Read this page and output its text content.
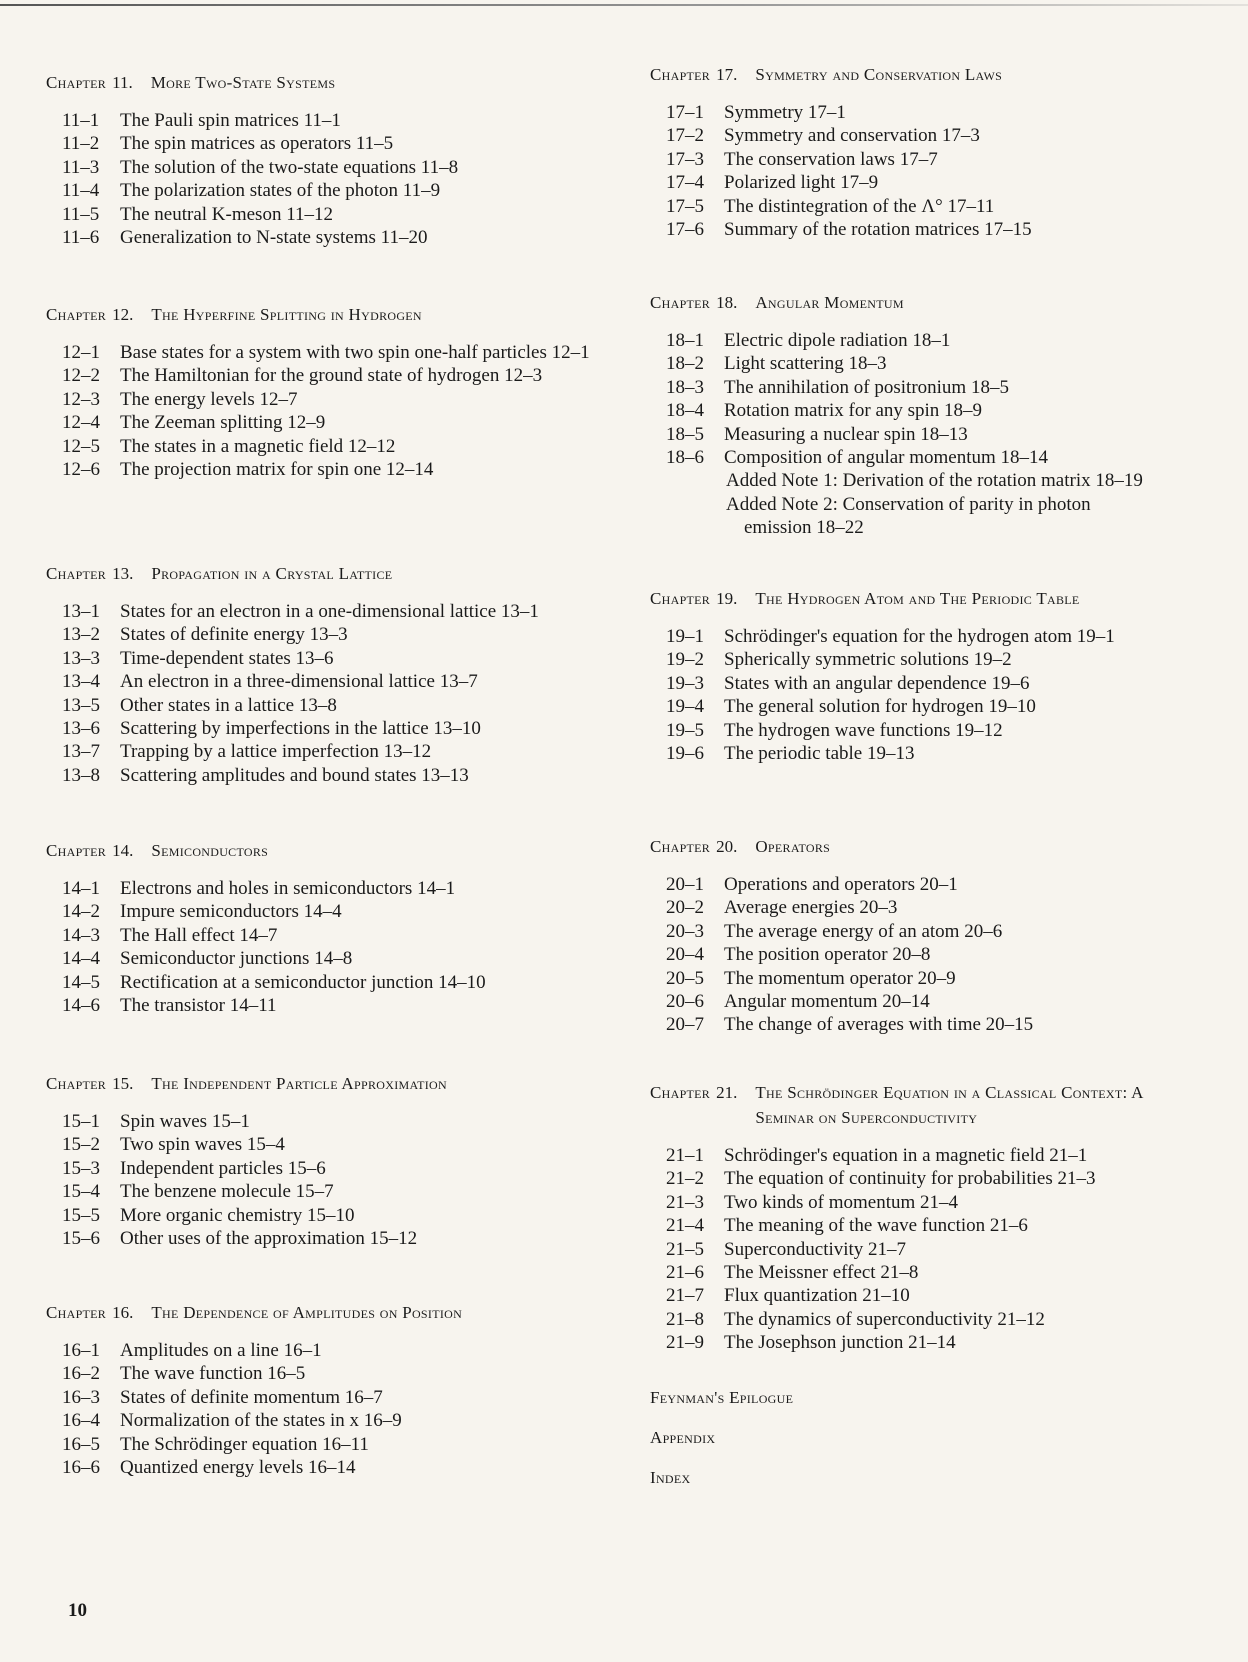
Chapter 11. More Two-State Systems
11–1	The Pauli spin matrices 11–1
11–2	The spin matrices as operators 11–5
11–3	The solution of the two-state equations 11–8
11–4	The polarization states of the photon 11–9
11–5	The neutral K-meson 11–12
11–6	Generalization to N-state systems 11–20
Chapter 12. The Hyperfine Splitting in Hydrogen
12–1	Base states for a system with two spin one-half particles 12–1
12–2	The Hamiltonian for the ground state of hydrogen 12–3
12–3	The energy levels 12–7
12–4	The Zeeman splitting 12–9
12–5	The states in a magnetic field 12–12
12–6	The projection matrix for spin one 12–14
Chapter 13. Propagation in a Crystal Lattice
13–1	States for an electron in a one-dimensional lattice 13–1
13–2	States of definite energy 13–3
13–3	Time-dependent states 13–6
13–4	An electron in a three-dimensional lattice 13–7
13–5	Other states in a lattice 13–8
13–6	Scattering by imperfections in the lattice 13–10
13–7	Trapping by a lattice imperfection 13–12
13–8	Scattering amplitudes and bound states 13–13
Chapter 14. Semiconductors
14–1	Electrons and holes in semiconductors 14–1
14–2	Impure semiconductors 14–4
14–3	The Hall effect 14–7
14–4	Semiconductor junctions 14–8
14–5	Rectification at a semiconductor junction 14–10
14–6	The transistor 14–11
Chapter 15. The Independent Particle Approximation
15–1	Spin waves 15–1
15–2	Two spin waves 15–4
15–3	Independent particles 15–6
15–4	The benzene molecule 15–7
15–5	More organic chemistry 15–10
15–6	Other uses of the approximation 15–12
Chapter 16. The Dependence of Amplitudes on Position
16–1	Amplitudes on a line 16–1
16–2	The wave function 16–5
16–3	States of definite momentum 16–7
16–4	Normalization of the states in x 16–9
16–5	The Schrödinger equation 16–11
16–6	Quantized energy levels 16–14
Chapter 17. Symmetry and Conservation Laws
17–1	Symmetry 17–1
17–2	Symmetry and conservation 17–3
17–3	The conservation laws 17–7
17–4	Polarized light 17–9
17–5	The distintegration of the Λ° 17–11
17–6	Summary of the rotation matrices 17–15
Chapter 18. Angular Momentum
18–1	Electric dipole radiation 18–1
18–2	Light scattering 18–3
18–3	The annihilation of positronium 18–5
18–4	Rotation matrix for any spin 18–9
18–5	Measuring a nuclear spin 18–13
18–6	Composition of angular momentum 18–14
Added Note 1: Derivation of the rotation matrix 18–19
Added Note 2: Conservation of parity in photon
emission 18–22
Chapter 19. The Hydrogen Atom and The Periodic Table
19–1	Schrödinger's equation for the hydrogen atom 19–1
19–2	Spherically symmetric solutions 19–2
19–3	States with an angular dependence 19–6
19–4	The general solution for hydrogen 19–10
19–5	The hydrogen wave functions 19–12
19–6	The periodic table 19–13
Chapter 20. Operators
20–1	Operations and operators 20–1
20–2	Average energies 20–3
20–3	The average energy of an atom 20–6
20–4	The position operator 20–8
20–5	The momentum operator 20–9
20–6	Angular momentum 20–14
20–7	The change of averages with time 20–15
Chapter 21. The Schrödinger Equation in a Classical Context: A Seminar on Superconductivity
21–1	Schrödinger's equation in a magnetic field 21–1
21–2	The equation of continuity for probabilities 21–3
21–3	Two kinds of momentum 21–4
21–4	The meaning of the wave function 21–6
21–5	Superconductivity 21–7
21–6	The Meissner effect 21–8
21–7	Flux quantization 21–10
21–8	The dynamics of superconductivity 21–12
21–9	The Josephson junction 21–14
Feynman's Epilogue
Appendix
Index
10
